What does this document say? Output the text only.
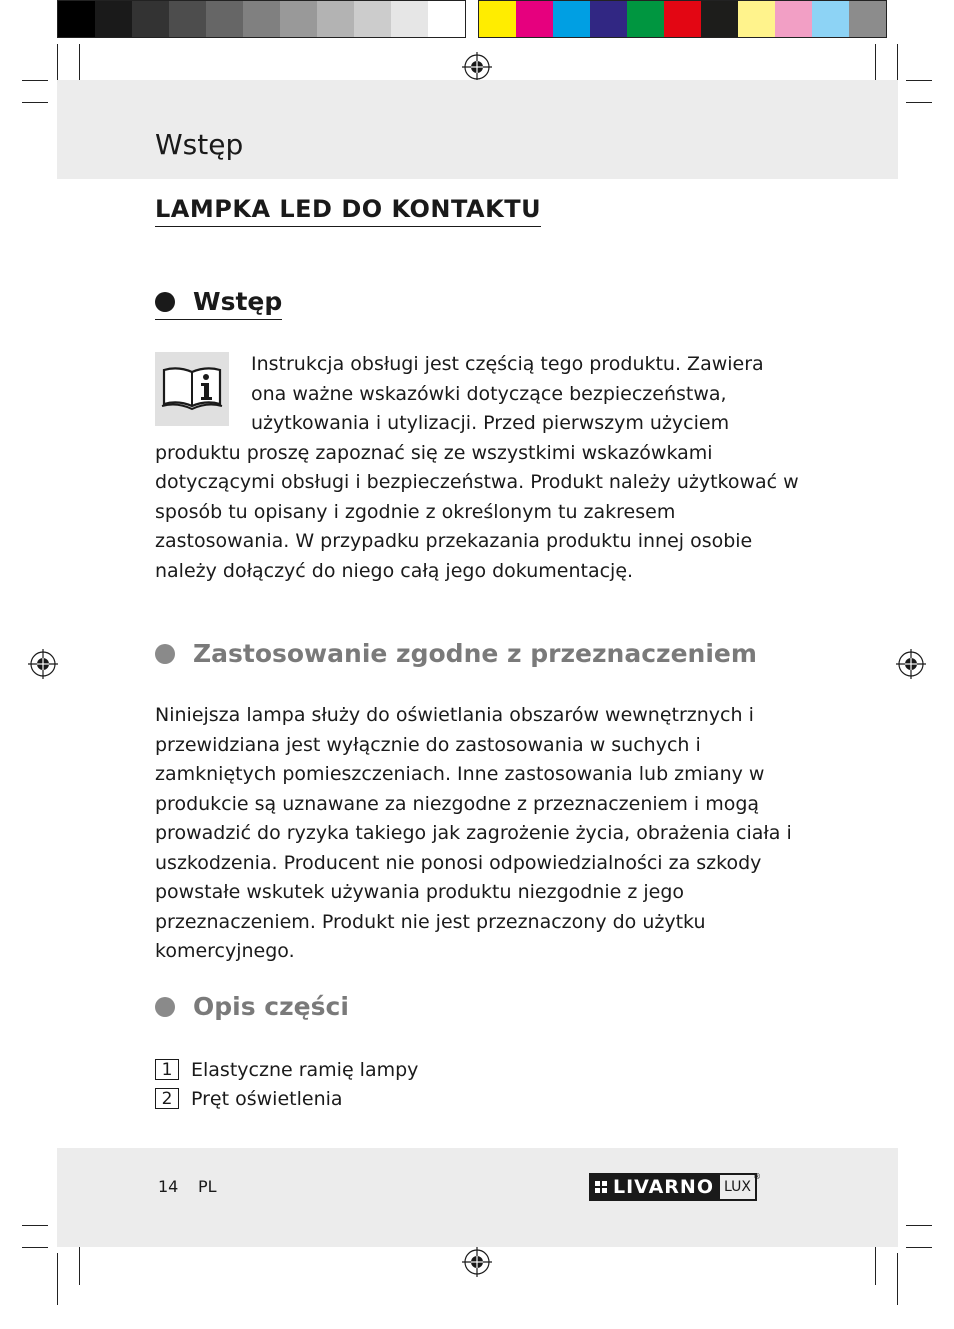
Wstęp
LAMPKA LED DO KONTAKTU
Wstęp

Instrukcja obsługi jest częścią tego produktu. Zawiera ona ważne wskazówki dotyczące bezpieczeństwa, użytkowania i utylizacji. Przed pierwszym użyciem produktu proszę zapoznać się ze wszystkimi wskazówkami dotyczącymi obsługi i bezpieczeństwa. Produkt należy użytkować w sposób tu opisany i zgodnie z określonym tu zakresem zastosowania. W przypadku przekazania produktu innej osobie należy dołączyć do niego całą jego dokumentację.

Zastosowanie zgodne z przeznaczeniem

Niniejsza lampa służy do oświetlania obszarów wewnętrznych i przewidziana jest wyłącznie do zastosowania w suchych i zamkniętych pomieszczeniach. Inne zastosowania lub zmiany w produkcie są uznawane za niezgodne z przeznaczeniem i mogą prowadzić do ryzyka takiego jak zagrożenie życia, obrażenia ciała i uszkodzenia. Producent nie ponosi odpowiedzialności za szkody powstałe wskutek używania produktu niezgodnie z jego przeznaczeniem. Produkt nie jest przeznaczony do użytku komercyjnego.

Opis części
1 Elastyczne ramię lampy
2 Pręt oświetlenia
14 PL	LIVARNO LUX
®
